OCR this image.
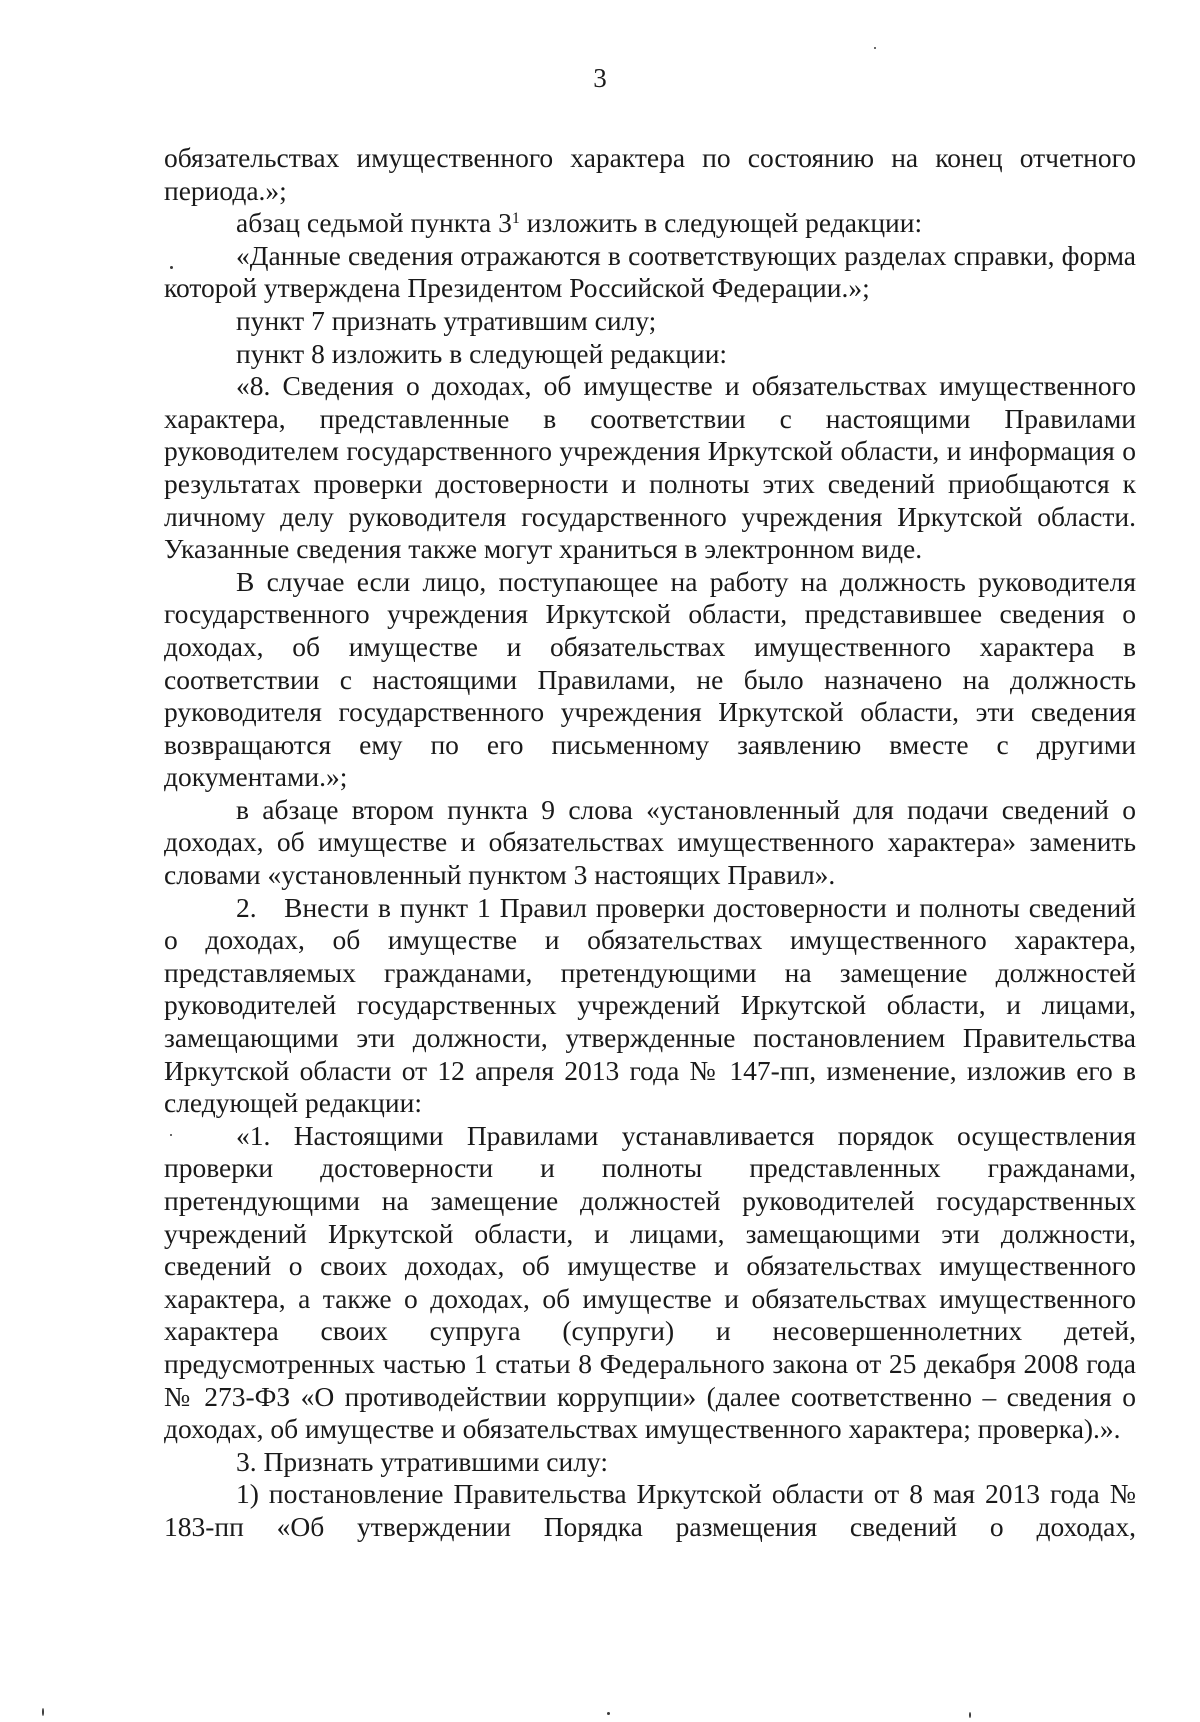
3

обязательствах имущественного характера по состоянию на конец отчетного периода.»;

абзац седьмой пункта $3^1$ изложить в следующей редакции:

«Данные сведения отражаются в соответствующих разделах справки, форма которой утверждена Президентом Российской Федерации.»;

пункт 7 признать утратившим силу;

пункт 8 изложить в следующей редакции:

«8. Сведения о доходах, об имуществе и обязательствах имущественного характера, представленные в соответствии с настоящими Правилами руководителем государственного учреждения Иркутской области, и информация о результатах проверки достоверности и полноты этих сведений приобщаются к личному делу руководителя государственного учреждения Иркутской области. Указанные сведения также могут храниться в электронном виде.

В случае если лицо, поступающее на работу на должность руководителя государственного учреждения Иркутской области, представившее сведения о доходах, об имуществе и обязательствах имущественного характера в соответствии с настоящими Правилами, не было назначено на должность руководителя государственного учреждения Иркутской области, эти сведения возвращаются ему по его письменному заявлению вместе с другими документами.»;

в абзаце втором пункта 9 слова «установленный для подачи сведений о доходах, об имуществе и обязательствах имущественного характера» заменить словами «установленный пунктом 3 настоящих Правил».

2. Внести в пункт 1 Правил проверки достоверности и полноты сведений о доходах, об имуществе и обязательствах имущественного характера, представляемых гражданами, претендующими на замещение должностей руководителей государственных учреждений Иркутской области, и лицами, замещающими эти должности, утвержденные постановлением Правительства Иркутской области от 12 апреля 2013 года № 147-пп, изменение, изложив его в следующей редакции:

«1. Настоящими Правилами устанавливается порядок осуществления проверки достоверности и полноты представленных гражданами, претендующими на замещение должностей руководителей государственных учреждений Иркутской области, и лицами, замещающими эти должности, сведений о своих доходах, об имуществе и обязательствах имущественного характера, а также о доходах, об имуществе и обязательствах имущественного характера своих супруга (супруги) и несовершеннолетних детей, предусмотренных частью 1 статьи 8 Федерального закона от 25 декабря 2008 года № 273-ФЗ «О противодействии коррупции» (далее соответственно – сведения о доходах, об имуществе и обязательствах имущественного характера; проверка).».

3. Признать утратившими силу:

1) постановление Правительства Иркутской области от 8 мая 2013 года № 183-пп «Об утверждении Порядка размещения сведений о доходах,
